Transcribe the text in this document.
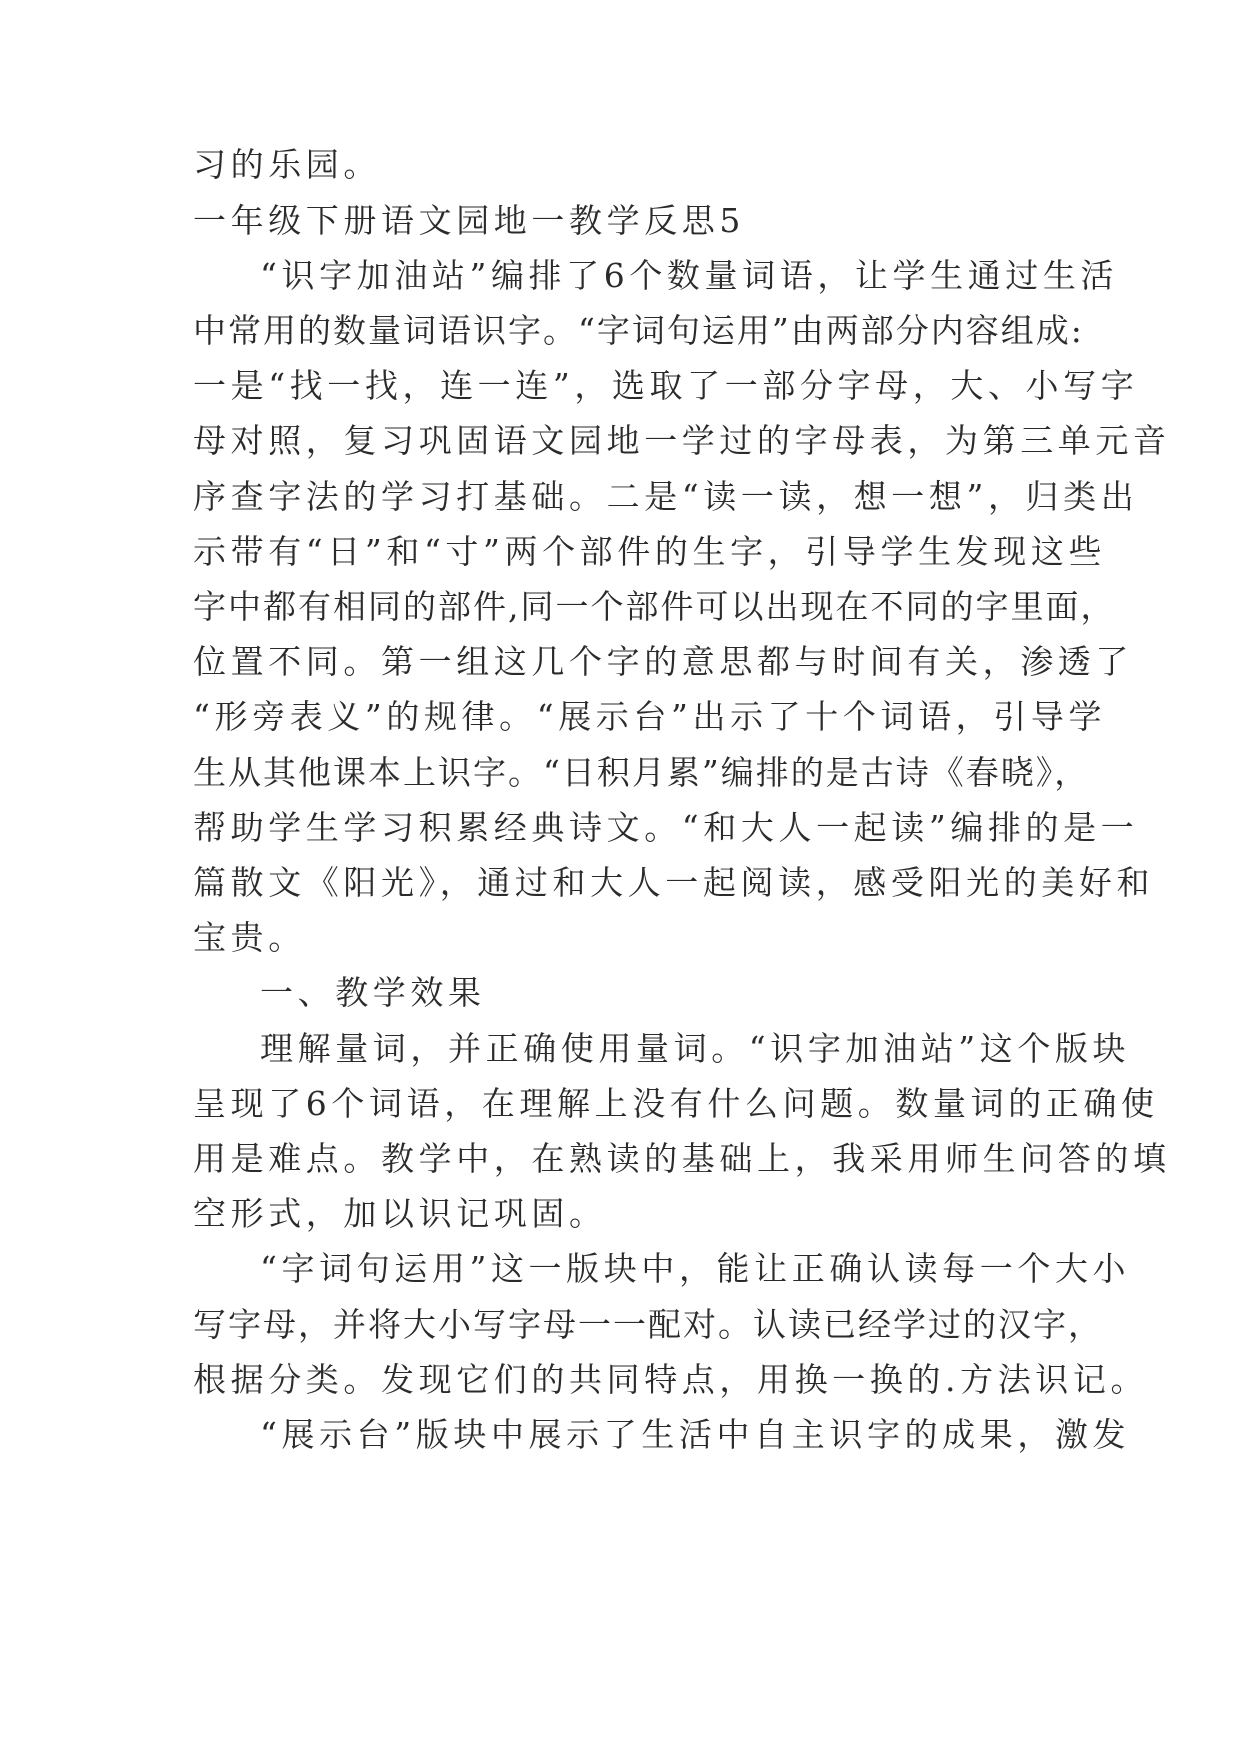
习的乐园。
一年级下册语文园地一教学反思5
“识字加油站”编排了6个数量词语，让学生通过生活
中常用的数量词语识字。“字词句运用”由两部分内容组成:
一是“找一找，连一连”，选取了一部分字母，大、小写字
母对照，复习巩固语文园地一学过的字母表，为第三单元音
序查字法的学习打基础。二是“读一读，想一想”，归类出
示带有“日”和“寸”两个部件的生字，引导学生发现这些
字中都有相同的部件,同一个部件可以出现在不同的字里面，
位置不同。第一组这几个字的意思都与时间有关，渗透了
“形旁表义”的规律。“展示台”出示了十个词语，引导学
生从其他课本上识字。“日积月累”编排的是古诗《春晓》，
帮助学生学习积累经典诗文。“和大人一起读”编排的是一
篇散文《阳光》，通过和大人一起阅读，感受阳光的美好和
宝贵。
一、教学效果
理解量词，并正确使用量词。“识字加油站”这个版块
呈现了6个词语，在理解上没有什么问题。数量词的正确使
用是难点。教学中，在熟读的基础上，我采用师生问答的填
空形式，加以识记巩固。
“字词句运用”这一版块中，能让正确认读每一个大小
写字母，并将大小写字母一一配对。认读已经学过的汉字，
根据分类。发现它们的共同特点，用换一换的.方法识记。
“展示台”版块中展示了生活中自主识字的成果，激发
